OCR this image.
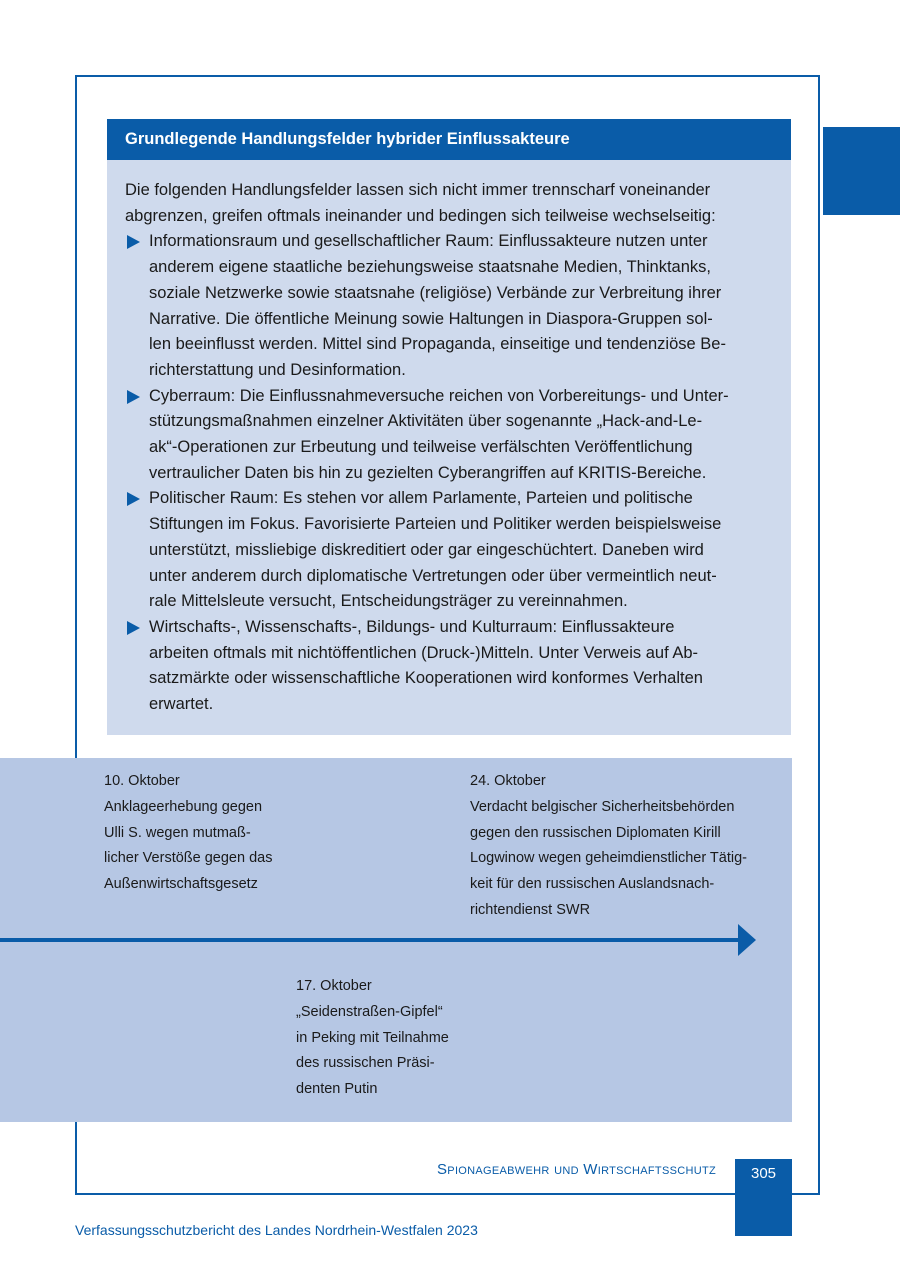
Grundlegende Handlungsfelder hybrider Einflussakteure

Die folgenden Handlungsfelder lassen sich nicht immer trennscharf voneinander
abgrenzen, greifen oftmals ineinander und bedingen sich teilweise wechselseitig:

Informationsraum und gesellschaftlicher Raum: Einflussakteure nutzen unter
anderem eigene staatliche beziehungsweise staatsnahe Medien, Thinktanks,
soziale Netzwerke sowie staatsnahe (religiöse) Verbände zur Verbreitung ihrer
Narrative. Die öffentliche Meinung sowie Haltungen in Diaspora-Gruppen sol-
len beeinflusst werden. Mittel sind Propaganda, einseitige und tendenziöse Be-
richterstattung und Desinformation.
Cyberraum: Die Einflussnahmeversuche reichen von Vorbereitungs- und Unter-
stützungsmaßnahmen einzelner Aktivitäten über sogenannte „Hack-and-Le-
ak“-Operationen zur Erbeutung und teilweise verfälschten Veröffentlichung
vertraulicher Daten bis hin zu gezielten Cyberangriffen auf KRITIS-Bereiche.
Politischer Raum: Es stehen vor allem Parlamente, Parteien und politische
Stiftungen im Fokus. Favorisierte Parteien und Politiker werden beispielsweise
unterstützt, missliebige diskreditiert oder gar eingeschüchtert. Daneben wird
unter anderem durch diplomatische Vertretungen oder über vermeintlich neut-
rale Mittelsleute versucht, Entscheidungsträger zu vereinnahmen.
Wirtschafts-, Wissenschafts-, Bildungs- und Kulturraum: Einflussakteure
arbeiten oftmals mit nichtöffentlichen (Druck-)Mitteln. Unter Verweis auf Ab-
satzmärkte oder wissenschaftliche Kooperationen wird konformes Verhalten
erwartet.
10. Oktober
Anklageerhebung gegen
Ulli S. wegen mutmaß-
licher Verstöße gegen das
Außenwirtschaftsgesetz
24. Oktober
Verdacht belgischer Sicherheitsbehörden
gegen den russischen Diplomaten Kirill
Logwinow wegen geheimdienstlicher Tätig-
keit für den russischen Auslandsnach-
richtendienst SWR
17. Oktober
„Seidenstraßen-Gipfel“
in Peking mit Teilnahme
des russischen Präsi-
denten Putin
Spionageabwehr und Wirtschaftsschutz	305
Verfassungsschutzbericht des Landes Nordrhein-Westfalen 2023
